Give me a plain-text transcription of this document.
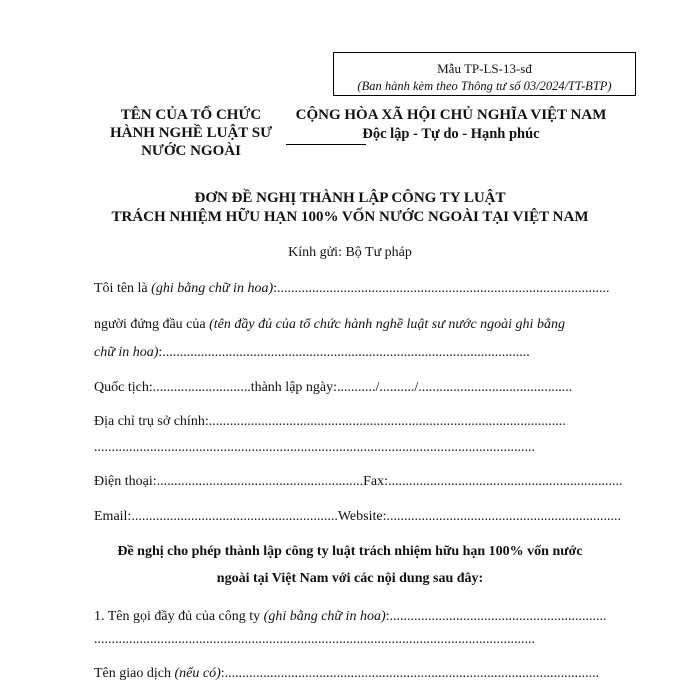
Mẫu TP-LS-13-sđ
(Ban hành kèm theo Thông tư số 03/2024/TT-BTP)
TÊN CỦA TỔ CHỨC
HÀNH NGHỀ LUẬT SƯ
NƯỚC NGOÀI
CỘNG HÒA XÃ HỘI CHỦ NGHĨA VIỆT NAM
Độc lập - Tự do - Hạnh phúc
ĐƠN ĐỀ NGHỊ THÀNH LẬP CÔNG TY LUẬT
TRÁCH NHIỆM HỮU HẠN 100% VỐN NƯỚC NGOÀI TẠI VIỆT NAM
Kính gửi: Bộ Tư pháp
Tôi tên là (ghi bằng chữ in hoa):...............................................................................................
người đứng đầu của (tên đầy đủ của tổ chức hành nghề luật sư nước ngoài ghi bằng
chữ in hoa):.........................................................................................................
Quốc tịch:............................thành lập ngày:.........../........../............................................
Địa chỉ trụ sở chính:......................................................................................................
..............................................................................................................................
Điện thoại:...........................................................Fax:...................................................................
Email:...........................................................Website:...................................................................
Đề nghị cho phép thành lập công ty luật trách nhiệm hữu hạn 100% vốn nước
ngoài tại Việt Nam với các nội dung sau đây:
1. Tên gọi đầy đủ của công ty (ghi bằng chữ in hoa):..............................................................
..............................................................................................................................
Tên giao dịch (nếu có):...........................................................................................................
